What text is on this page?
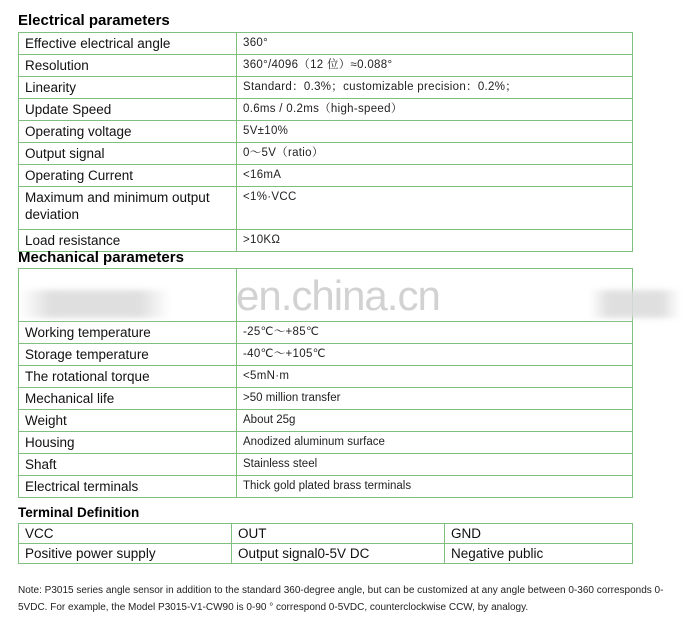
Electrical parameters
Effective electrical angle	360°
Resolution	360°/4096（12 位）≈0.088°
Linearity	Standard：0.3%；customizable precision：0.2%；
Update Speed	0.6ms / 0.2ms（high-speed）
Operating voltage	5V±10%
Output signal	0～5V（ratio）
Operating Current	<16mA
Maximum and minimum output deviation	<1%·VCC
Load resistance	>10KΩ
Mechanical parameters

Working temperature	-25℃～+85℃
Storage temperature	-40℃～+105℃
The rotational torque	<5mN·m
Mechanical life	>50 million transfer
Weight	About 25g
Housing	Anodized aluminum surface
Shaft	Stainless steel
Electrical terminals	Thick gold plated brass terminals
en.china.cn
Terminal Definition
VCC	OUT	GND
Positive power supply	Output signal0-5V DC	Negative public
Note: P3015 series angle sensor in addition to the standard 360-degree angle, but can be customized at any angle between 0-360 corresponds 0-5VDC. For example, the Model P3015-V1-CW90 is 0-90 ° correspond 0-5VDC, counterclockwise CCW, by analogy.
